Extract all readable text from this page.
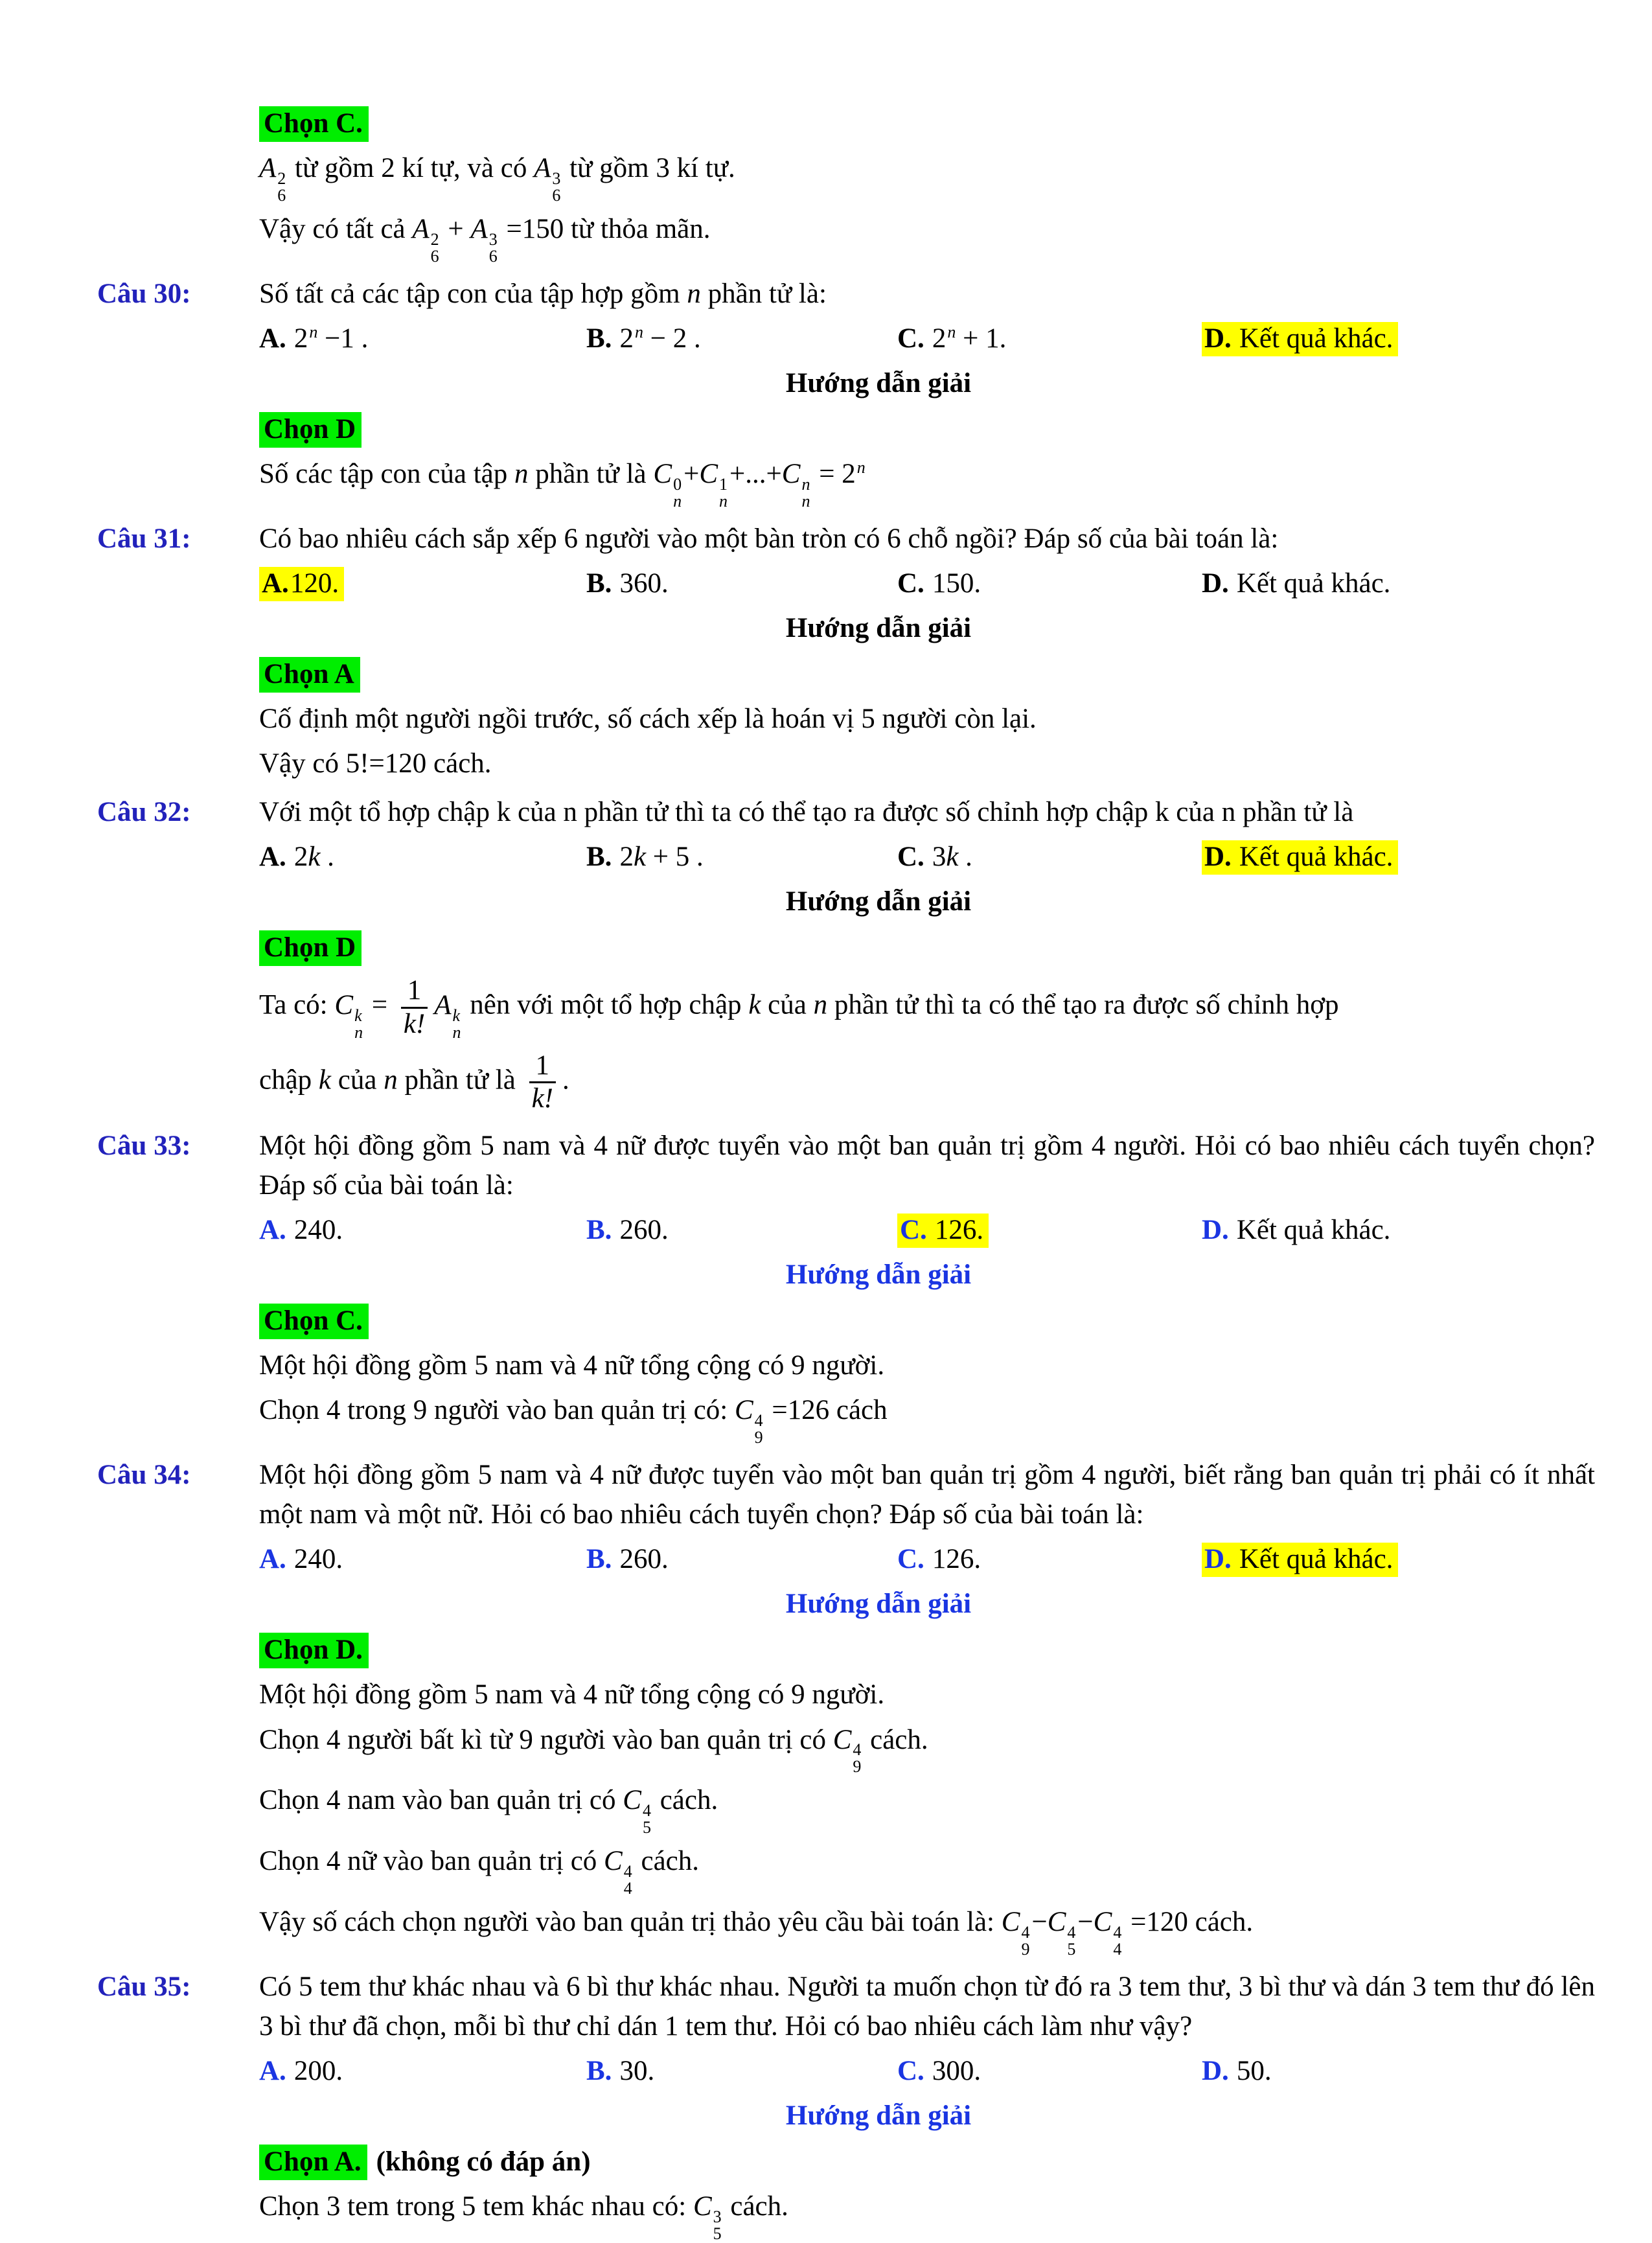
Chọn C.
A 2
6
từ gồm 2 kí tự, và có A 3
6
từ gồm 3 kí tự.
Vậy có tất cả A 2
6
+ A 3
6
=150 từ thỏa mãn.
Câu 30:	Số tất cả các tập con của tập hợp gồm n phần tử là:
A. $2^n -1$ .	B. $2^n - 2$ .	C. $2^n + 1$.	D. Kết quả khác.
Hướng dẫn giải
Chọn D
Số các tập con của tập n phần tử là C 0
n
+C 1
n
+...+C n
n
= $2^n$
Câu 31:	Có bao nhiêu cách sắp xếp 6 người vào một bàn tròn có 6 chỗ ngồi? Đáp số của bài toán là:
A.120.	B. 360.	C. 150.	D. Kết quả khác.
Hướng dẫn giải
Chọn A
Cố định một người ngồi trước, số cách xếp là hoán vị 5 người còn lại.
Vậy có 5!=120 cách.
Câu 32:	Với một tổ hợp chập k của n phần tử thì ta có thể tạo ra được số chỉnh hợp chập k của n phần tử là
A. 2k .	B. 2k + 5 .	C. 3k .	D. Kết quả khác.
Hướng dẫn giải
Chọn D
Ta có: C k
n
= $\frac{1}{k!}$ A k
n
nên với một tổ hợp chập k của n phần tử thì ta có thể tạo ra được số chỉnh hợp
chập k của n phần tử là $\frac{1}{k!}$ .
Câu 33:	Một hội đồng gồm 5 nam và 4 nữ được tuyển vào một ban quản trị gồm 4 người. Hỏi có bao nhiêu cách tuyển chọn? Đáp số của bài toán là:
A. 240.	B. 260.	C. 126.	D. Kết quả khác.
Hướng dẫn giải
Chọn C.
Một hội đồng gồm 5 nam và 4 nữ tổng cộng có 9 người.
Chọn 4 trong 9 người vào ban quản trị có: C 4
9
=126 cách
Câu 34:	Một hội đồng gồm 5 nam và 4 nữ được tuyển vào một ban quản trị gồm 4 người, biết rằng ban quản trị phải có ít nhất một nam và một nữ. Hỏi có bao nhiêu cách tuyển chọn? Đáp số của bài toán là:
A. 240.	B. 260.	C. 126.	D. Kết quả khác.
Hướng dẫn giải
Chọn D.
Một hội đồng gồm 5 nam và 4 nữ tổng cộng có 9 người.
Chọn 4 người bất kì từ 9 người vào ban quản trị có C 4
9
cách.
Chọn 4 nam vào ban quản trị có C 4
5
cách.
Chọn 4 nữ vào ban quản trị có C 4
4
cách.
Vậy số cách chọn người vào ban quản trị thảo yêu cầu bài toán là: C 4
9
−C 4
5
−C 4
4
=120 cách.
Câu 35:	Có 5 tem thư khác nhau và 6 bì thư khác nhau. Người ta muốn chọn từ đó ra 3 tem thư, 3 bì thư và dán 3 tem thư đó lên 3 bì thư đã chọn, mỗi bì thư chỉ dán 1 tem thư. Hỏi có bao nhiêu cách làm như vậy?
A. 200.	B. 30.	C. 300.	D. 50.
Hướng dẫn giải
Chọn A. (không có đáp án)
Chọn 3 tem trong 5 tem khác nhau có: C 3
5
cách.
